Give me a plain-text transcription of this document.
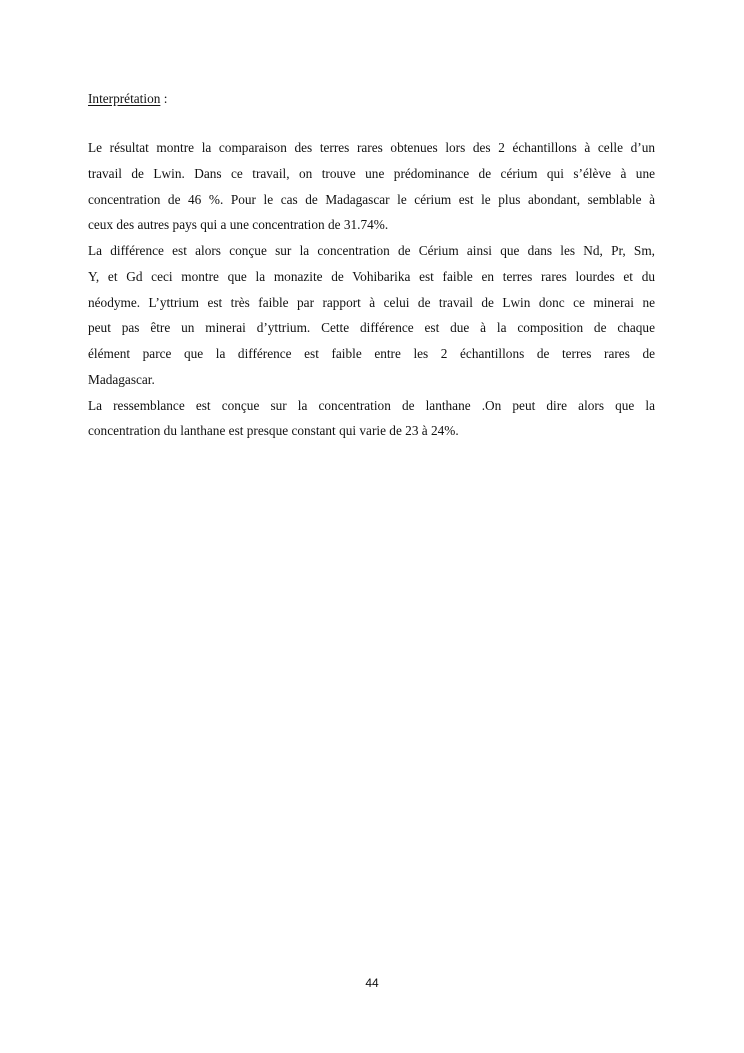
Interprétation :
Le résultat montre la comparaison des terres rares obtenues lors des 2 échantillons à celle d’un
travail de Lwin. Dans ce travail, on trouve une prédominance de cérium qui s’élève à une
concentration de 46 %. Pour le cas de Madagascar le cérium est le plus abondant, semblable à
ceux des autres pays qui a une concentration de 31.74%.
La différence est alors conçue sur la concentration de Cérium ainsi que dans les Nd, Pr, Sm,
Y, et Gd ceci montre que la monazite de Vohibarika est faible en terres rares lourdes et du
néodyme. L’yttrium est très faible par rapport à celui de travail de Lwin donc ce minerai ne
peut pas être un minerai d’yttrium. Cette différence est due à la composition de chaque
élément parce que la différence est faible entre les 2 échantillons de terres rares de
Madagascar.
La ressemblance est conçue sur la concentration de lanthane .On peut dire alors que la
concentration du lanthane est presque constant qui varie de 23 à 24%.
44
